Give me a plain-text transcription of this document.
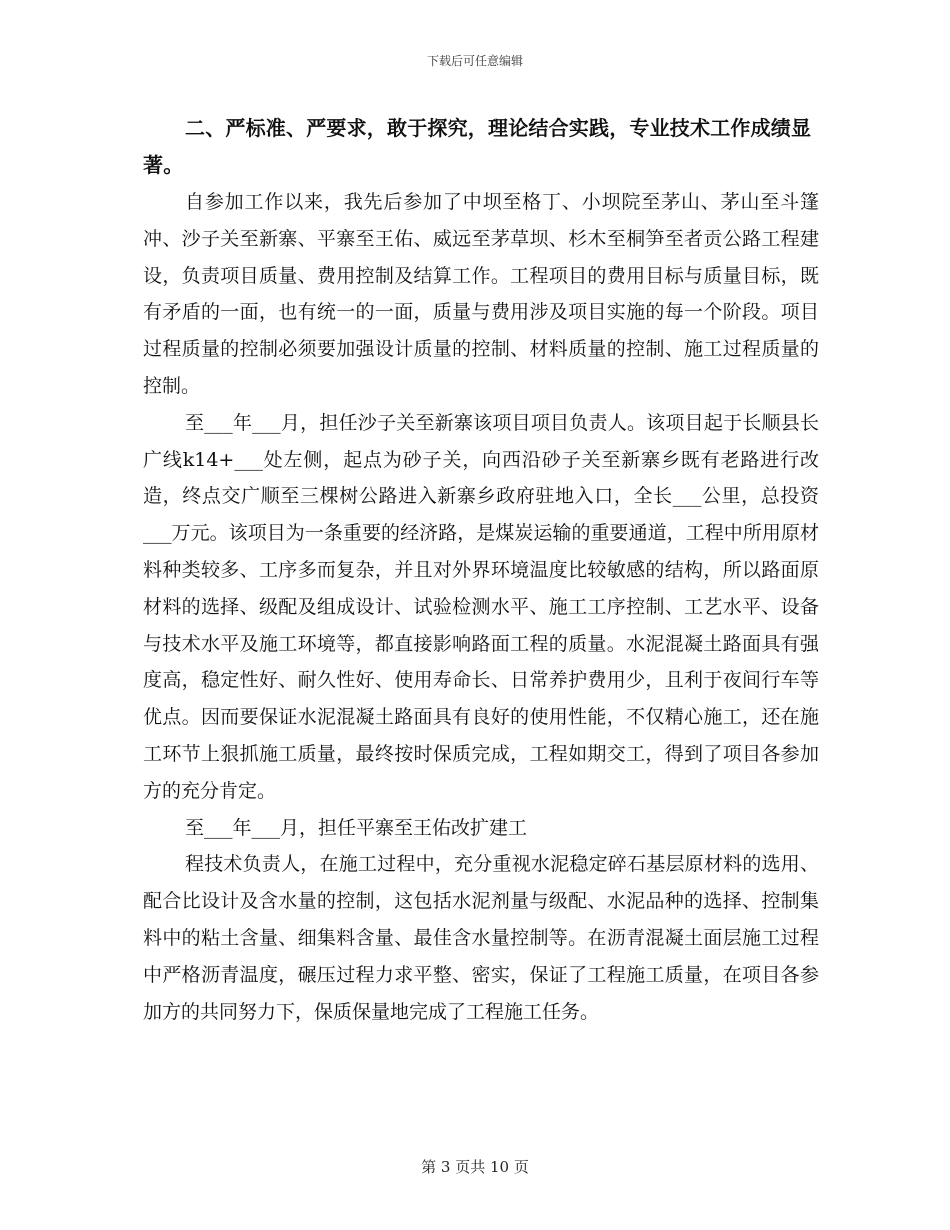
下载后可任意编辑

二、严标准、严要求，敢于探究，理论结合实践，专业技术工作成绩显著。

自参加工作以来，我先后参加了中坝至格丁、小坝院至茅山、茅山至斗篷冲、沙子关至新寨、平寨至王佑、威远至茅草坝、杉木至桐笋至者贡公路工程建设，负责项目质量、费用控制及结算工作。工程项目的费用目标与质量目标，既有矛盾的一面，也有统一的一面，质量与费用涉及项目实施的每一个阶段。项目过程质量的控制必须要加强设计质量的控制、材料质量的控制、施工过程质量的控制。

至___年___月，担任沙子关至新寨该项目项目负责人。该项目起于长顺县长广线k14+___处左侧，起点为砂子关，向西沿砂子关至新寨乡既有老路进行改造，终点交广顺至三棵树公路进入新寨乡政府驻地入口，全长___公里，总投资___万元。该项目为一条重要的经济路，是煤炭运输的重要通道，工程中所用原材料种类较多、工序多而复杂，并且对外界环境温度比较敏感的结构，所以路面原材料的选择、级配及组成设计、试验检测水平、施工工序控制、工艺水平、设备与技术水平及施工环境等，都直接影响路面工程的质量。水泥混凝土路面具有强度高，稳定性好、耐久性好、使用寿命长、日常养护费用少，且利于夜间行车等优点。因而要保证水泥混凝土路面具有良好的使用性能，不仅精心施工，还在施工环节上狠抓施工质量，最终按时保质完成，工程如期交工，得到了项目各参加方的充分肯定。

至___年___月，担任平寨至王佑改扩建工

程技术负责人，在施工过程中，充分重视水泥稳定碎石基层原材料的选用、配合比设计及含水量的控制，这包括水泥剂量与级配、水泥品种的选择、控制集料中的粘土含量、细集料含量、最佳含水量控制等。在沥青混凝土面层施工过程中严格沥青温度，碾压过程力求平整、密实，保证了工程施工质量，在项目各参加方的共同努力下，保质保量地完成了工程施工任务。

第 3 页共 10 页
